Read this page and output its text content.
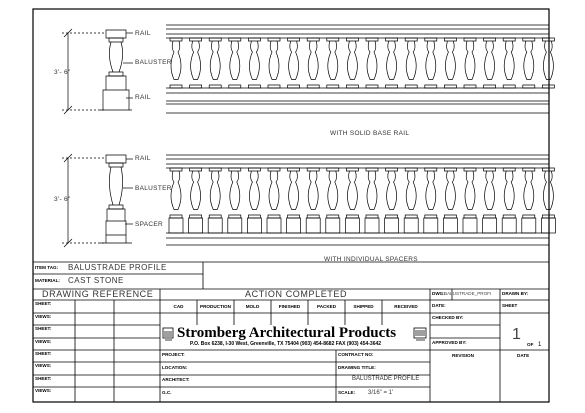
3'- 6"
RAIL
BALUSTER
RAIL
WITH SOLID BASE RAIL
3'- 6"
RAIL
BALUSTER
SPACER
WITH INDIVIDUAL SPACERS
ITEM TAG: BALUSTRADE PROFILE
MATERIAL: CAST STONE
DRAWING REFERENCE	ACTION COMPLETED
CAD	PRODUCTION	MOLD	FINISHED	PACKED	SHIPPED	RECEIVED
SHEET:
VIEWS:
SHEET:
VIEWS:
SHEET:
VIEWS:
SHEET:
VIEWS:
Stromberg Architectural Products
P.O. Box 6238, I-30 West, Greenville, TX 75404 (903) 454-8682 FAX (903) 454-3642
PROJECT:
LOCATION:
ARCHITECT:
G.C.
CONTRACT NO:
DRAWING TITLE:
BALUSTRADE PROFILE
SCALE: 3/16" = 1'
DWG: BALUSTRADE_PROFI DRAWN BY:
DATE:	SHEET
CHECKED BY:
APPROVED BY:	1
OF 1
REVISION	DATE
